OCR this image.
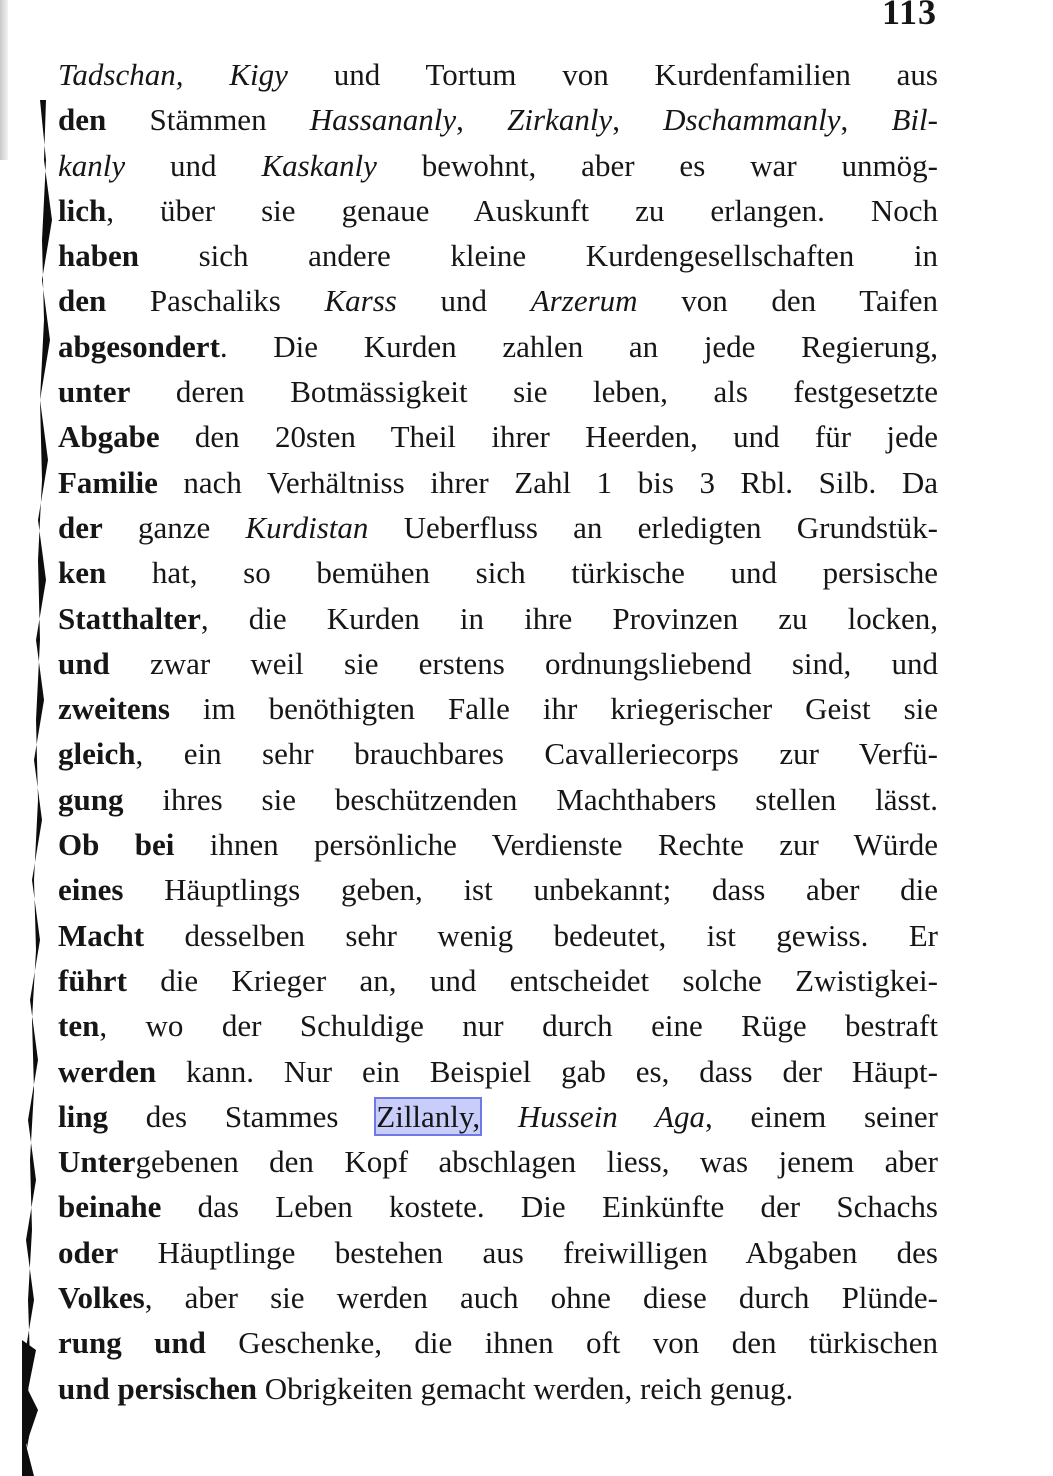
113
Tadschan, Kigy und Tortum von Kurdenfamilien aus
den Stämmen Hassananly, Zirkanly, Dschammanly, Bil-
kanly und Kaskanly bewohnt, aber es war unmög-
lich, über sie genaue Auskunft zu erlangen. Noch
haben sich andere kleine Kurdengesellschaften in
den Paschaliks Karss und Arzerum von den Taifen
abgesondert. Die Kurden zahlen an jede Regierung,
unter deren Botmässigkeit sie leben, als festgesetzte
Abgabe den 20sten Theil ihrer Heerden, und für jede
Familie nach Verhältniss ihrer Zahl 1 bis 3 Rbl. Silb. Da
der ganze Kurdistan Ueberfluss an erledigten Grundstük-
ken hat, so bemühen sich türkische und persische
Statthalter, die Kurden in ihre Provinzen zu locken,
und zwar weil sie erstens ordnungsliebend sind, und
zweitens im benöthigten Falle ihr kriegerischer Geist sie
gleich, ein sehr brauchbares Cavalleriecorps zur Verfü-
gung ihres sie beschützenden Machthabers stellen lässt.
Ob bei ihnen persönliche Verdienste Rechte zur Würde
eines Häuptlings geben, ist unbekannt; dass aber die
Macht desselben sehr wenig bedeutet, ist gewiss. Er
führt die Krieger an, und entscheidet solche Zwistigkei-
ten, wo der Schuldige nur durch eine Rüge bestraft
werden kann. Nur ein Beispiel gab es, dass der Häupt-
ling des Stammes Zillanly, Hussein Aga, einem seiner
Untergebenen den Kopf abschlagen liess, was jenem aber
beinahe das Leben kostete. Die Einkünfte der Schachs
oder Häuptlinge bestehen aus freiwilligen Abgaben des
Volkes, aber sie werden auch ohne diese durch Plünde-
rung und Geschenke, die ihnen oft von den türkischen
und persischen Obrigkeiten gemacht werden, reich genug.
